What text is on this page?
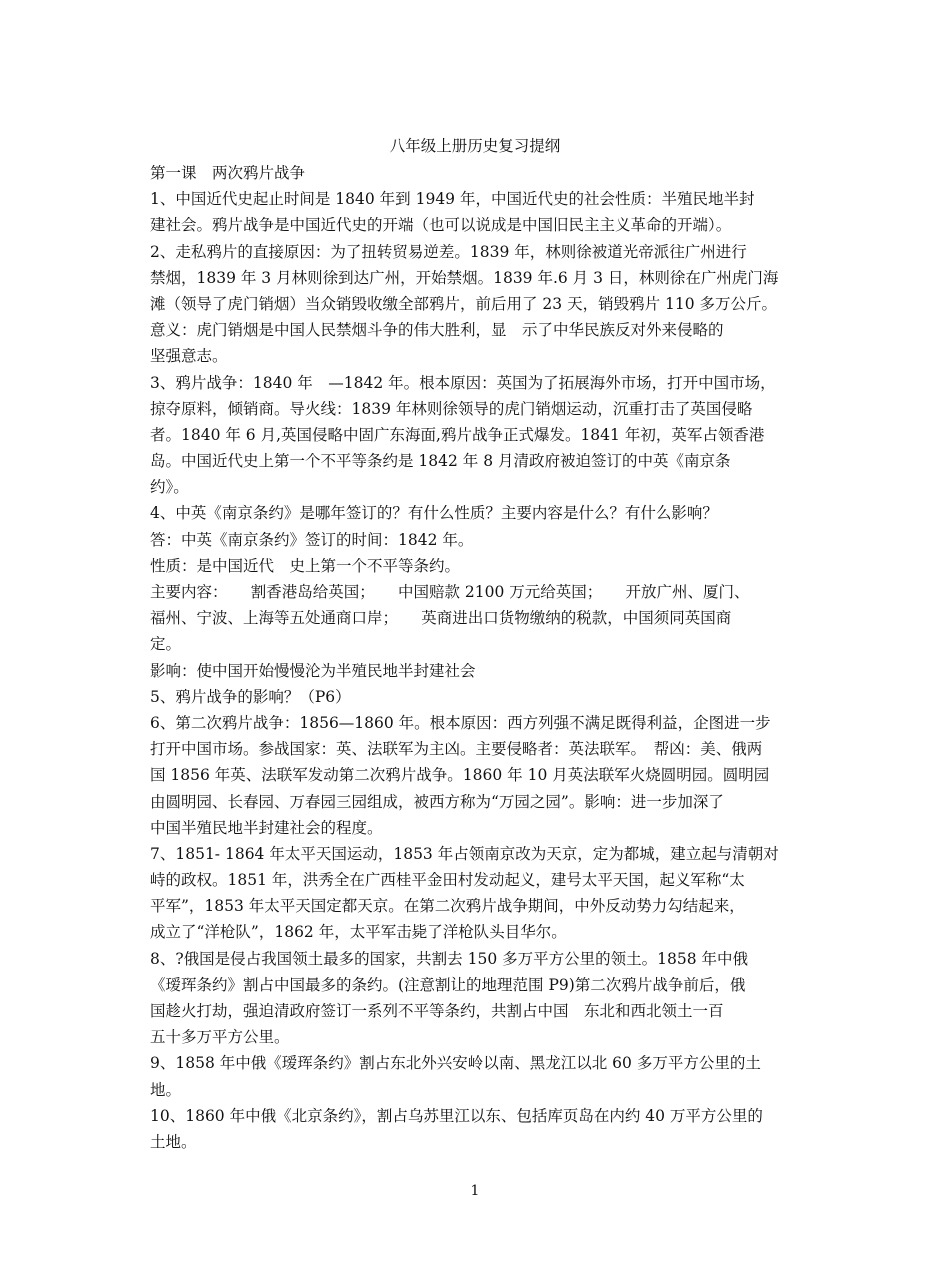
八年级上册历史复习提纲
第一课　两次鸦片战争
1、中国近代史起止时间是 1840 年到 1949 年，中国近代史的社会性质：半殖民地半封
建社会。鸦片战争是中国近代史的开端（也可以说成是中国旧民主主义革命的开端）。
2、走私鸦片的直接原因：为了扭转贸易逆差。1839 年，林则徐被道光帝派往广州进行
禁烟，1839 年 3 月林则徐到达广州，开始禁烟。1839 年.6 月 3 日，林则徐在广州虎门海
滩（领导了虎门销烟）当众销毁收缴全部鸦片，前后用了 23 天，销毁鸦片 110 多万公斤。
意义：虎门销烟是中国人民禁烟斗争的伟大胜利，显　示了中华民族反对外来侵略的
坚强意志。
3、鸦片战争：1840 年　—1842 年。根本原因：英国为了拓展海外市场，打开中国市场，
掠夺原料，倾销商。导火线：1839 年林则徐领导的虎门销烟运动，沉重打击了英国侵略
者。1840 年 6 月,英国侵略中固广东海面,鸦片战争正式爆发。1841 年初，英军占领香港
岛。中国近代史上第一个不平等条约是 1842 年 8 月清政府被迫签订的中英《南京条
约》。
4、中英《南京条约》是哪年签订的？有什么性质？主要内容是什么？有什么影响？
答：中英《南京条约》签订的时间：1842 年。
性质：是中国近代　史上第一个不平等条约。
主要内容：　　割香港岛给英国；　　中国赔款 2100 万元给英国；　　开放广州、厦门、
福州、宁波、上海等五处通商口岸；　　英商进出口货物缴纳的税款，中国须同英国商
定。
影响：使中国开始慢慢沦为半殖民地半封建社会
5、鸦片战争的影响？（P6）
6、第二次鸦片战争：1856—1860 年。根本原因：西方列强不满足既得利益，企图进一步
打开中国市场。参战国家：英、法联军为主凶。主要侵略者：英法联军。　帮凶：美、俄两
国 1856 年英、法联军发动第二次鸦片战争。1860 年 10 月英法联军火烧圆明园。圆明园
由圆明园、长春园、万春园三园组成，被西方称为“万园之园”。影响：进一步加深了
中国半殖民地半封建社会的程度。
7、1851- 1864 年太平天国运动，1853 年占领南京改为天京，定为都城，建立起与清朝对
峙的政权。1851 年，洪秀全在广西桂平金田村发动起义，建号太平天国，起义军称“太
平军”，1853 年太平天国定都天京。在第二次鸦片战争期间，中外反动势力勾结起来，
成立了“洋枪队”，1862 年，太平军击毙了洋枪队头目华尔。
8、?俄国是侵占我国领土最多的国家，共割去 150 多万平方公里的领土。1858 年中俄
《瑷珲条约》割占中国最多的条约。(注意割让的地理范围 P9)第二次鸦片战争前后，俄
国趁火打劫，强迫清政府签订一系列不平等条约，共割占中国　东北和西北领土一百
五十多万平方公里。
9、1858 年中俄《瑷珲条约》割占东北外兴安岭以南、黑龙江以北 60 多万平方公里的土
地。
10、1860 年中俄《北京条约》，割占乌苏里江以东、包括库页岛在内约 40 万平方公里的
土地。
1
